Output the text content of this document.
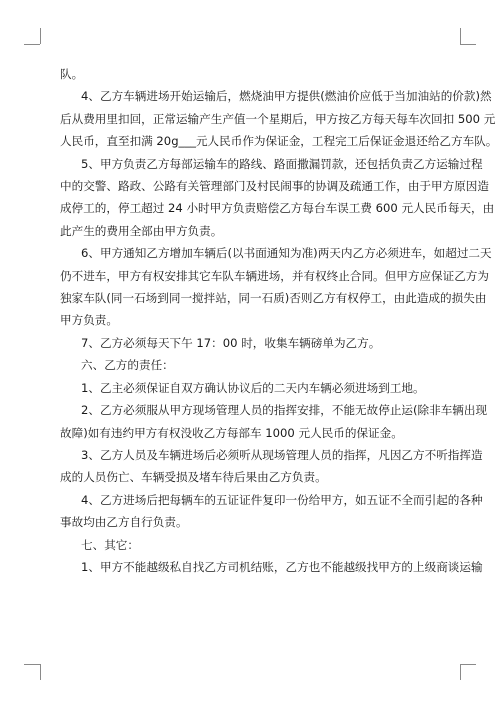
队。
4、乙方车辆进场开始运输后，燃烧油甲方提供(燃油价应低于当加油站的价款)然
后从费用里扣回，正常运输产生产值一个星期后，甲方按乙方每天每车次回扣 500 元
人民币，直至扣满 20g___元人民币作为保证金，工程完工后保证金退还给乙方车队。
5、甲方负责乙方每部运输车的路线、路面撒漏罚款，还包括负责乙方运输过程
中的交警、路政、公路有关管理部门及村民闹事的协调及疏通工作，由于甲方原因造
成停工的，停工超过 24 小时甲方负责赔偿乙方每台车误工费 600 元人民币每天，由
此产生的费用全部由甲方负责。
6、甲方通知乙方增加车辆后(以书面通知为准)两天内乙方必须进车，如超过二天
仍不进车，甲方有权安排其它车队车辆进场，并有权终止合同。但甲方应保证乙方为
独家车队(同一石场到同一搅拌站，同一石质)否则乙方有权停工，由此造成的损失由
甲方负责。
7、乙方必须每天下午 17：00 时，收集车辆磅单为乙方。
六、乙方的责任：
1、乙主必须保证自双方确认协议后的二天内车辆必须进场到工地。
2、乙方必须服从甲方现场管理人员的指挥安排，不能无故停止运(除非车辆出现
故障)如有违约甲方有权没收乙方每部车 1000 元人民币的保证金。
3、乙方人员及车辆进场后必须听从现场管理人员的指挥，凡因乙方不听指挥造
成的人员伤亡、车辆受损及堵车待后果由乙方负责。
4、乙方进场后把每辆车的五证证件复印一份给甲方，如五证不全而引起的各种
事故均由乙方自行负责。
七、其它：
1、甲方不能越级私自找乙方司机结账，乙方也不能越级找甲方的上级商谈运输
